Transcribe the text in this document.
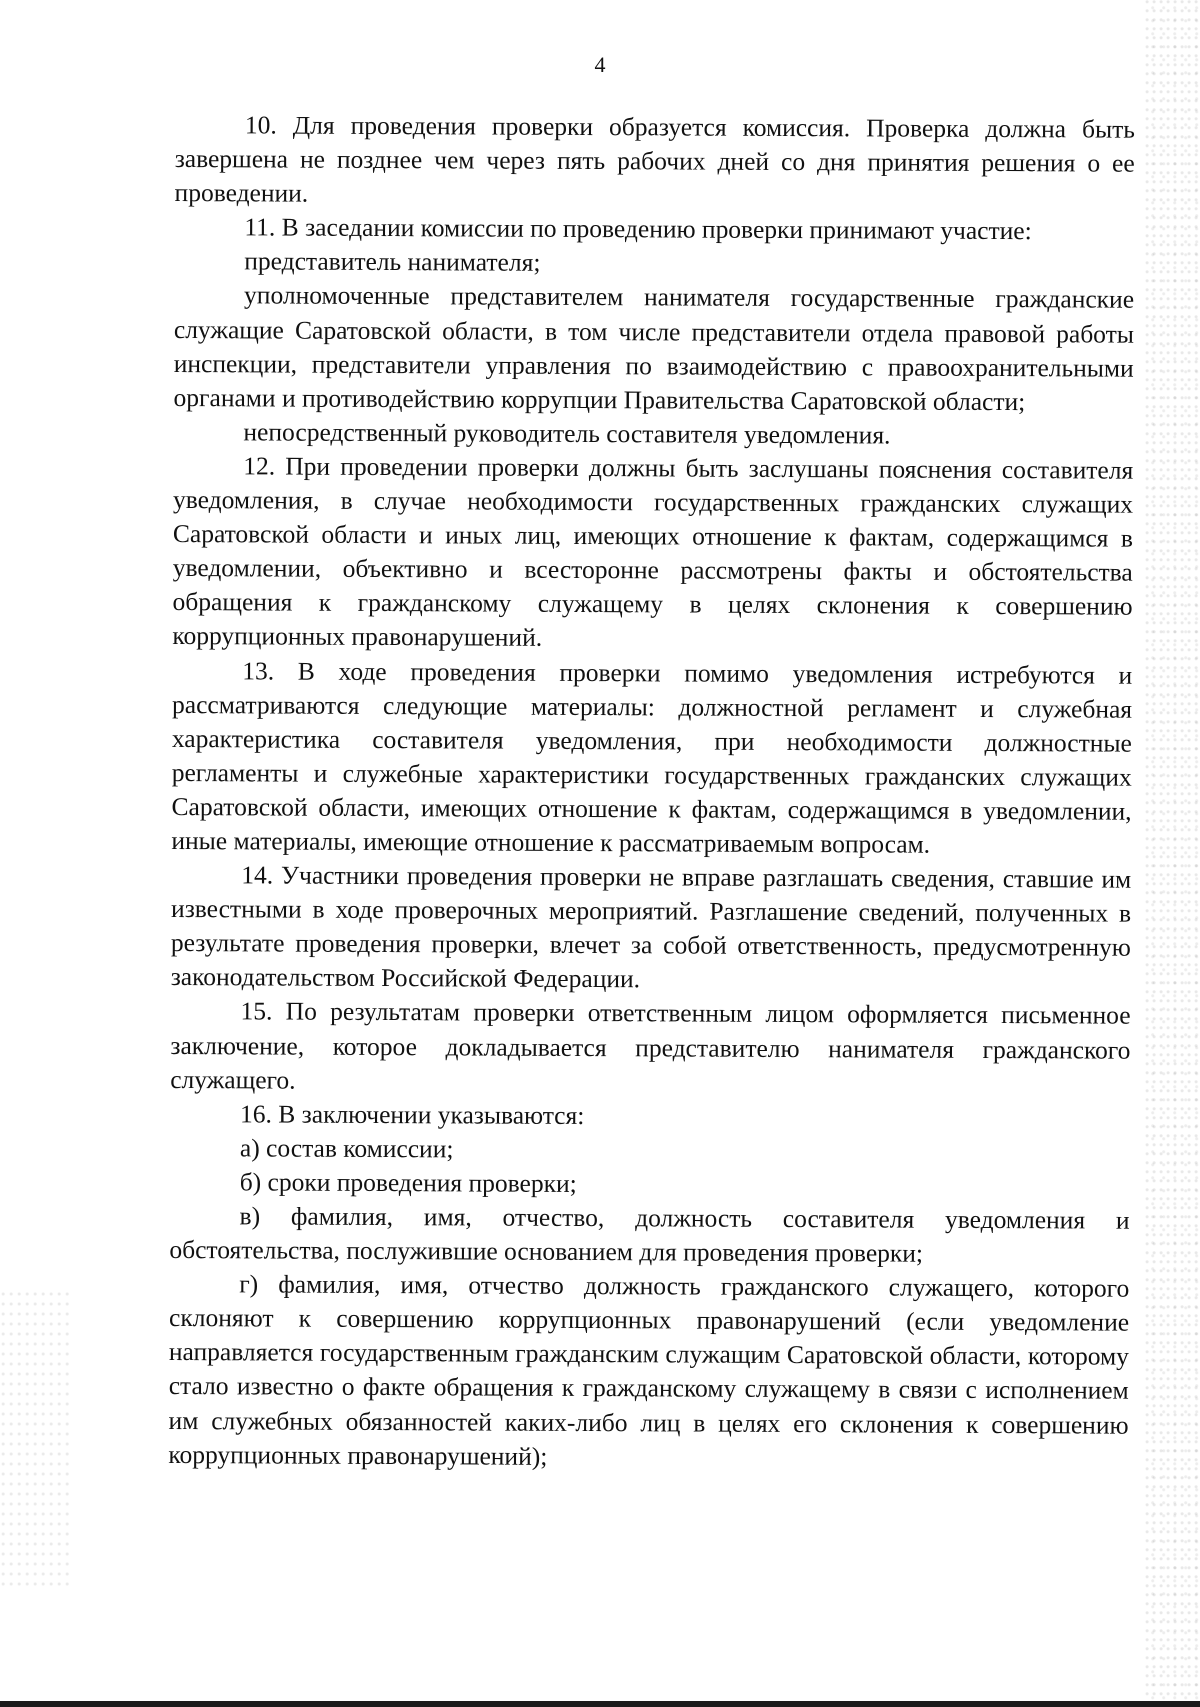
4

10. Для проведения проверки образуется комиссия. Проверка должна быть завершена не позднее чем через пять рабочих дней со дня принятия решения о ее проведении.

11. В заседании комиссии по проведению проверки принимают участие:

представитель нанимателя;

уполномоченные представителем нанимателя государственные гражданские служащие Саратовской области, в том числе представители отдела правовой работы инспекции, представители управления по взаимодействию с правоохранительными органами и противодействию коррупции Правительства Саратовской области;

непосредственный руководитель составителя уведомления.

12. При проведении проверки должны быть заслушаны пояснения составителя уведомления, в случае необходимости государственных гражданских служащих Саратовской области и иных лиц, имеющих отношение к фактам, содержащимся в уведомлении, объективно и всесторонне рассмотрены факты и обстоятельства обращения к гражданскому служащему в целях склонения к совершению коррупционных правонарушений.

13. В ходе проведения проверки помимо уведомления истребуются и рассматриваются следующие материалы: должностной регламент и служебная характеристика составителя уведомления, при необходимости должностные регламенты и служебные характеристики государственных гражданских служащих Саратовской области, имеющих отношение к фактам, содержащимся в уведомлении, иные материалы, имеющие отношение к рассматриваемым вопросам.

14. Участники проведения проверки не вправе разглашать сведения, ставшие им известными в ходе проверочных мероприятий. Разглашение сведений, полученных в результате проведения проверки, влечет за собой ответственность, предусмотренную законодательством Российской Федерации.

15. По результатам проверки ответственным лицом оформляется письменное заключение, которое докладывается представителю нанимателя гражданского служащего.

16. В заключении указываются:

а) состав комиссии;

б) сроки проведения проверки;

в) фамилия, имя, отчество, должность составителя уведомления и обстоятельства, послужившие основанием для проведения проверки;

г) фамилия, имя, отчество должность гражданского служащего, которого склоняют к совершению коррупционных правонарушений (если уведомление направляется государственным гражданским служащим Саратовской области, которому стало известно о факте обращения к гражданскому служащему в связи с исполнением им служебных обязанностей каких-либо лиц в целях его склонения к совершению коррупционных правонарушений);
